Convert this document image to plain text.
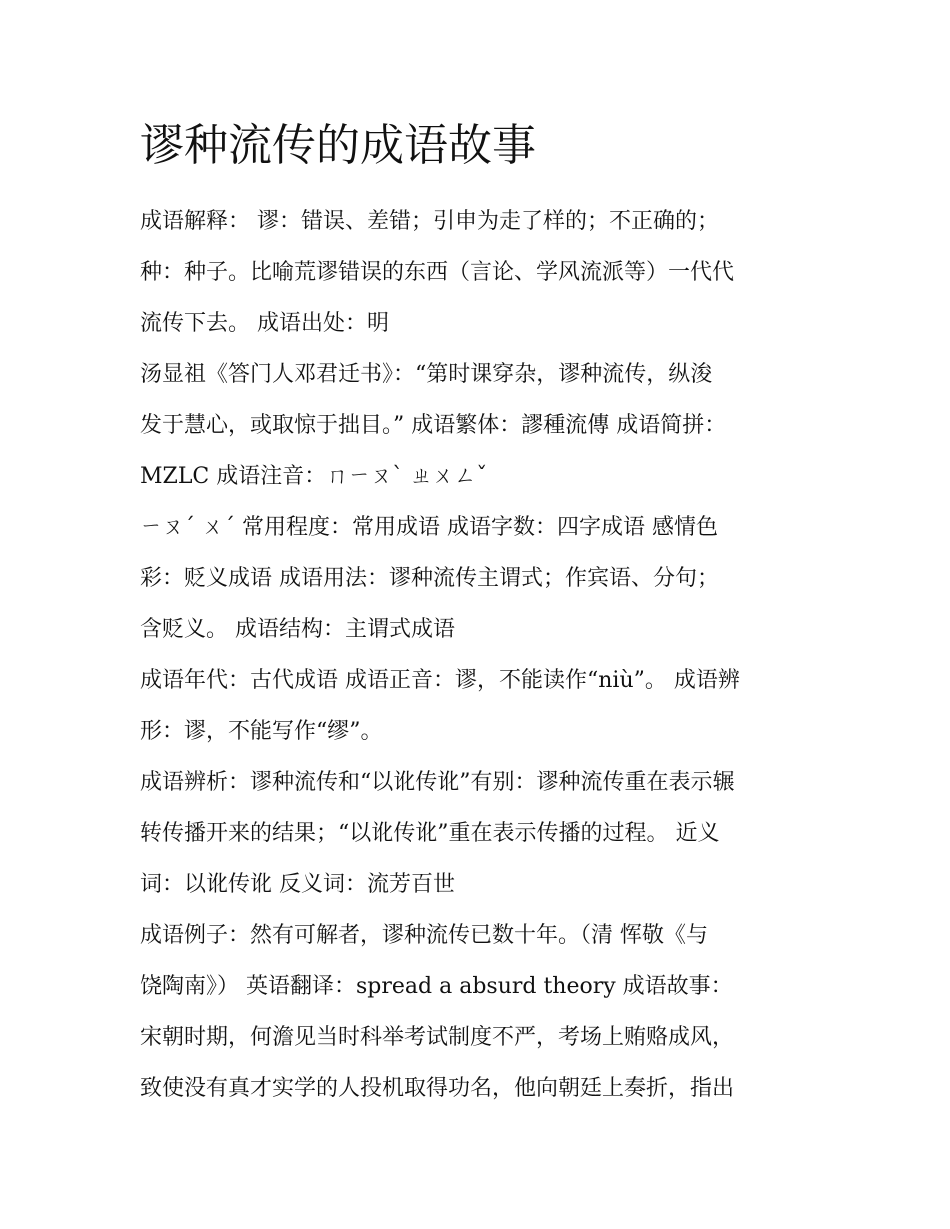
谬种流传的成语故事
成语解释： 谬：错误、差错；引申为走了样的；不正确的；
种：种子。比喻荒谬错误的东西（言论、学风流派等）一代代
流传下去。 成语出处：明
汤显祖《答门人邓君迁书》：“第时课穿杂，谬种流传，纵浚
发于慧心，或取惊于拙目。” 成语繁体：謬種流傳 成语简拼：
MZLC 成语注音：ㄇㄧㄡˋ ㄓㄨㄥˇ
ㄧㄡˊ ㄨˊ 常用程度：常用成语 成语字数：四字成语 感情色
彩：贬义成语 成语用法：谬种流传主谓式；作宾语、分句；
含贬义。 成语结构：主谓式成语
成语年代：古代成语 成语正音：谬，不能读作“niù”。 成语辨
形：谬，不能写作“缪”。
成语辨析：谬种流传和“以讹传讹”有别：谬种流传重在表示辗
转传播开来的结果；“以讹传讹”重在表示传播的过程。 近义
词：以讹传讹 反义词：流芳百世
成语例子：然有可解者，谬种流传已数十年。（清 恽敬《与
饶陶南》） 英语翻译：spread a absurd theory 成语故事：
宋朝时期，何澹见当时科举考试制度不严，考场上贿赂成风，
致使没有真才实学的人投机取得功名，他向朝廷上奏折，指出
